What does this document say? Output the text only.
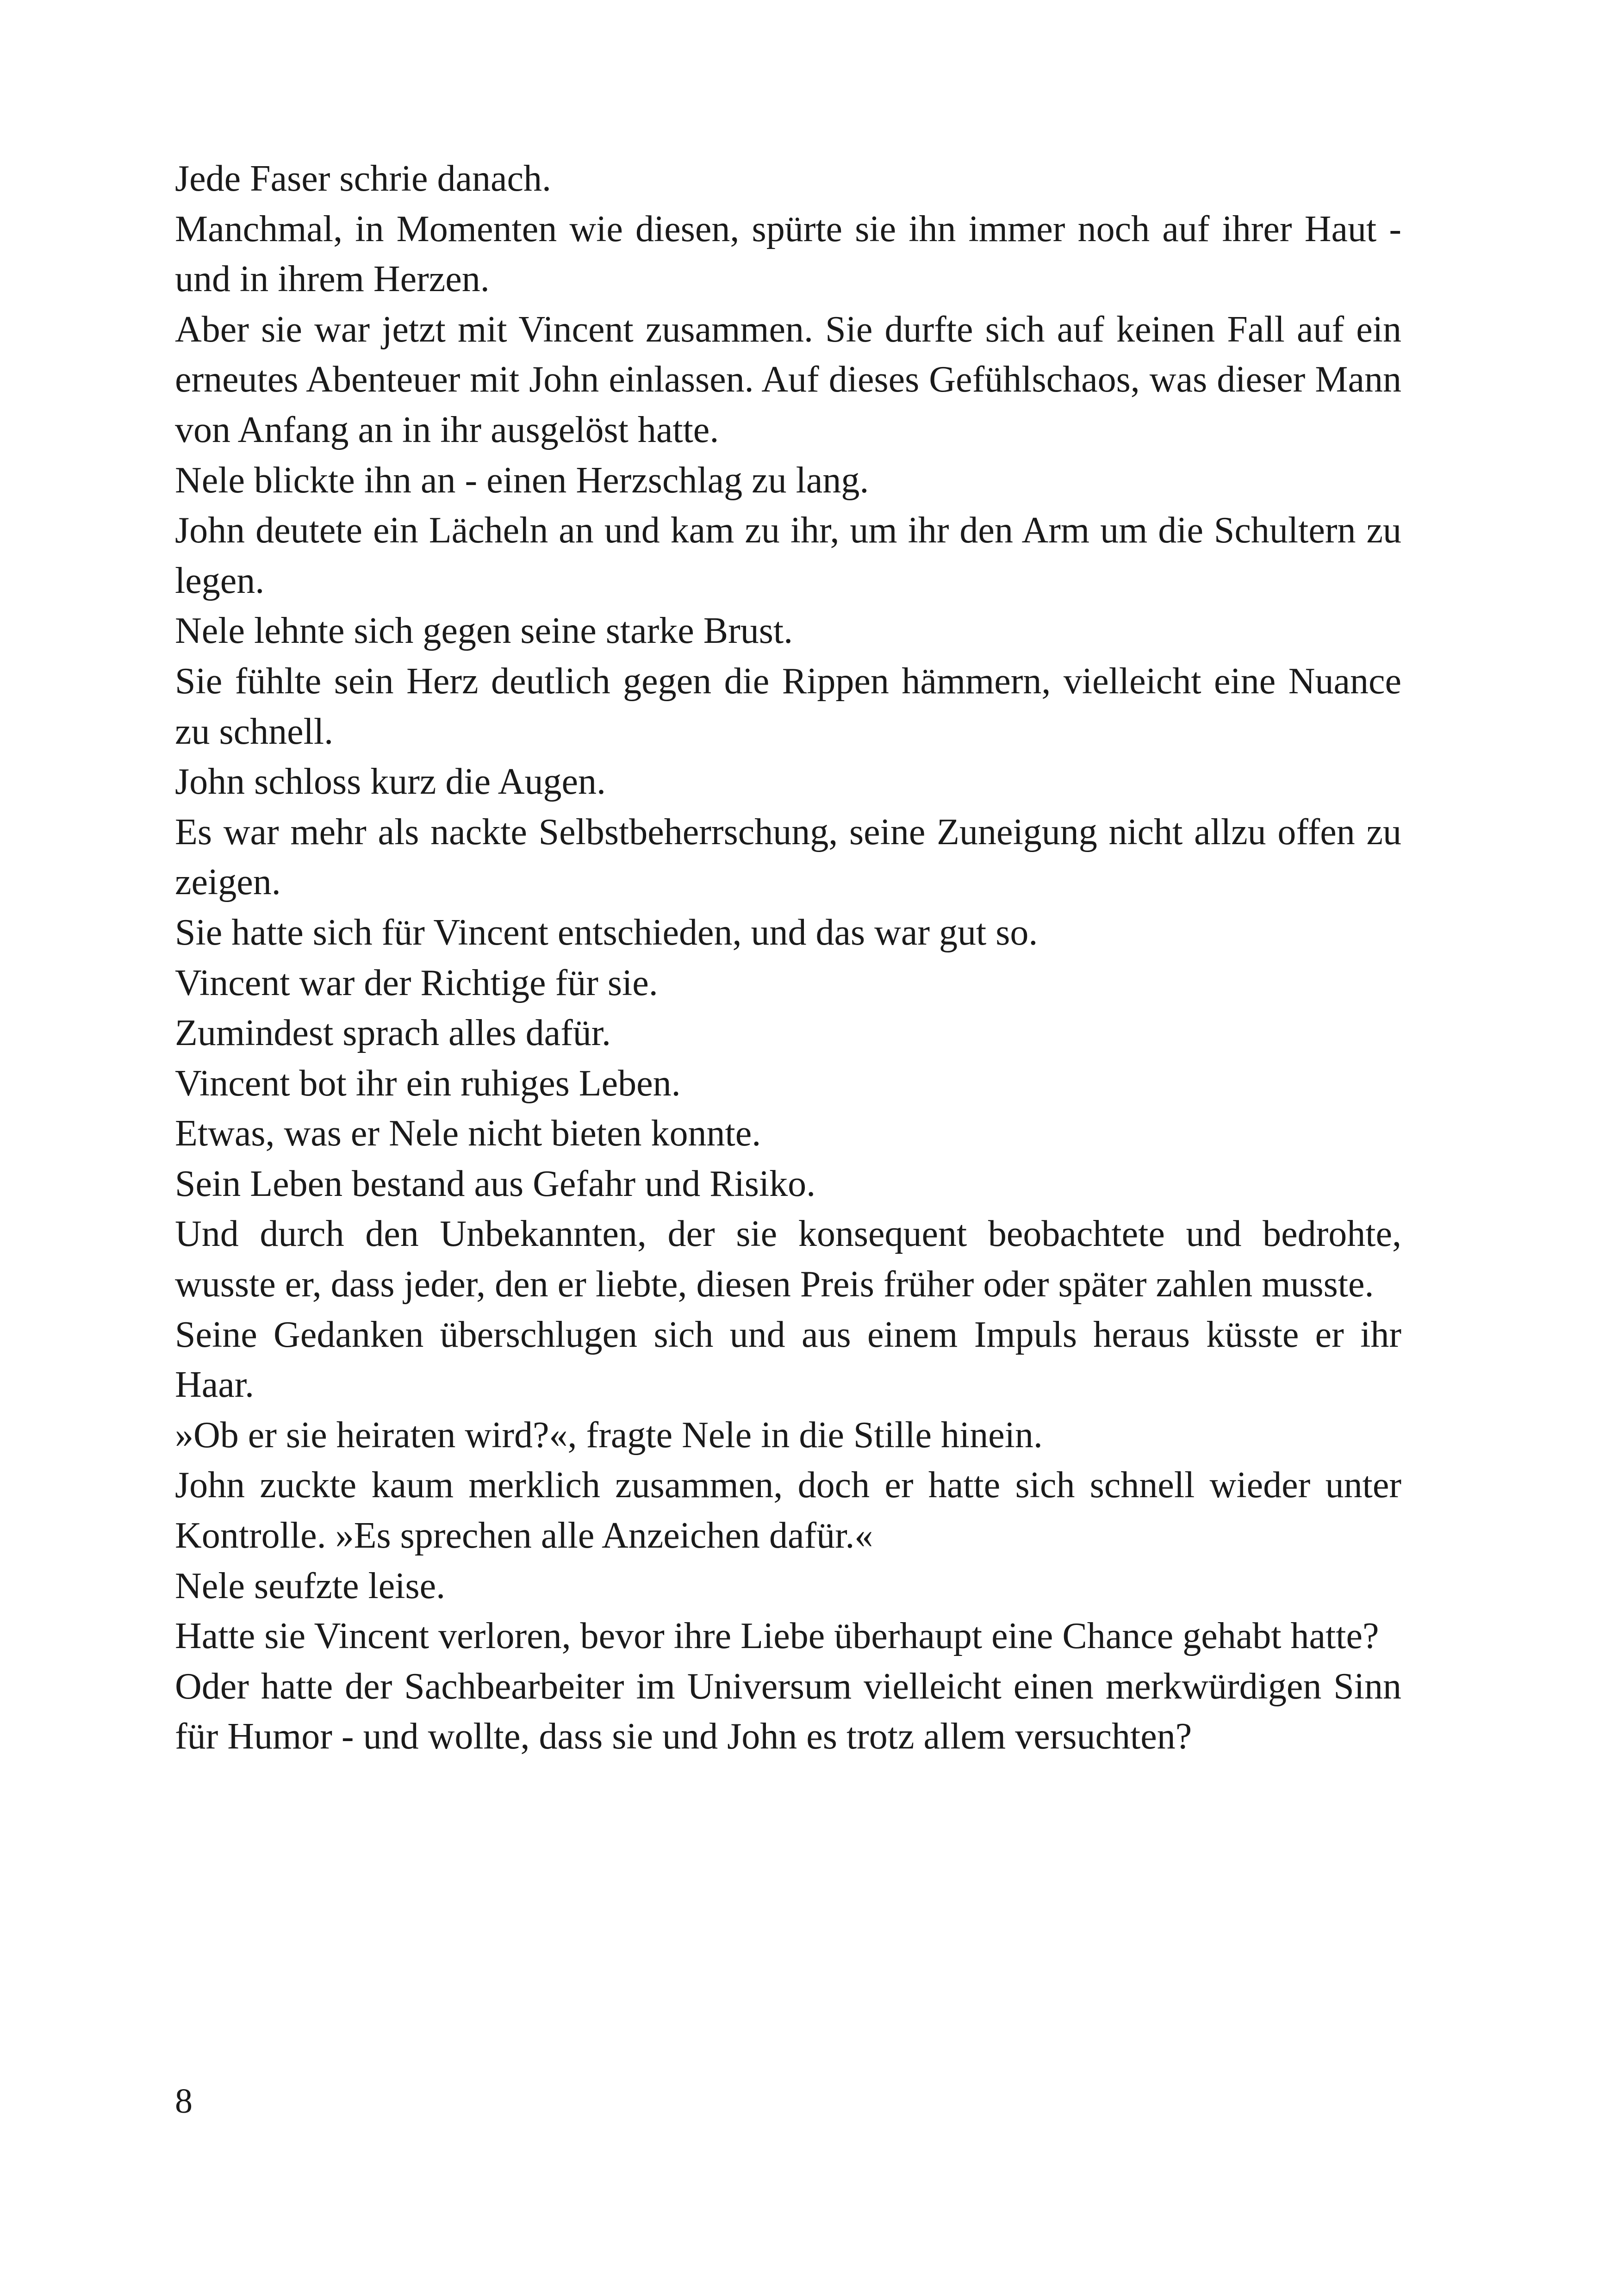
Jede Faser schrie danach.

Manchmal, in Momenten wie diesen, spürte sie ihn immer noch auf ihrer Haut - und in ihrem Herzen.

Aber sie war jetzt mit Vincent zusammen. Sie durfte sich auf keinen Fall auf ein erneutes Abenteuer mit John einlassen. Auf dieses Gefühlschaos, was dieser Mann von Anfang an in ihr ausgelöst hatte.

Nele blickte ihn an - einen Herzschlag zu lang.

John deutete ein Lächeln an und kam zu ihr, um ihr den Arm um die Schultern zu legen.

Nele lehnte sich gegen seine starke Brust.

Sie fühlte sein Herz deutlich gegen die Rippen hämmern, vielleicht eine Nuance zu schnell.

John schloss kurz die Augen.

Es war mehr als nackte Selbstbeherrschung, seine Zuneigung nicht allzu offen zu zeigen.

Sie hatte sich für Vincent entschieden, und das war gut so.

Vincent war der Richtige für sie.

Zumindest sprach alles dafür.

Vincent bot ihr ein ruhiges Leben.

Etwas, was er Nele nicht bieten konnte.

Sein Leben bestand aus Gefahr und Risiko.

Und durch den Unbekannten, der sie konsequent beobachtete und bedrohte, wusste er, dass jeder, den er liebte, diesen Preis früher oder später zahlen musste.

Seine Gedanken überschlugen sich und aus einem Impuls heraus küsste er ihr Haar.

»Ob er sie heiraten wird?«, fragte Nele in die Stille hinein.

John zuckte kaum merklich zusammen, doch er hatte sich schnell wieder unter Kontrolle. »Es sprechen alle Anzeichen dafür.«

Nele seufzte leise.

Hatte sie Vincent verloren, bevor ihre Liebe überhaupt eine Chance gehabt hatte?

Oder hatte der Sachbearbeiter im Universum vielleicht einen merkwürdigen Sinn für Humor - und wollte, dass sie und John es trotz allem versuchten?

8
